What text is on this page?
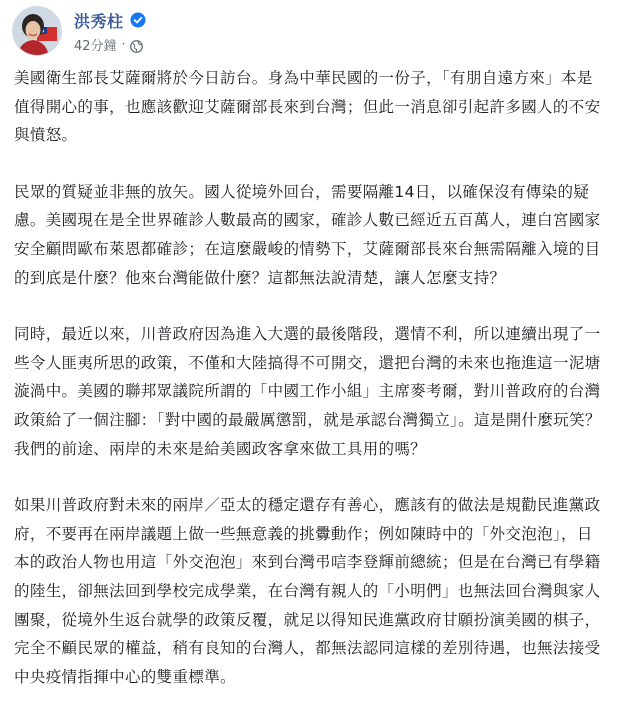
洪秀柱
42分鐘 ·

美國衛生部長艾薩爾將於今日訪台。身為中華民國的一份子，「有朋自遠方來」本是值得開心的事，也應該歡迎艾薩爾部長來到台灣；但此一消息卻引起許多國人的不安與憤怒。

民眾的質疑並非無的放矢。國人從境外回台，需要隔離14日，以確保沒有傳染的疑慮。美國現在是全世界確診人數最高的國家，確診人數已經近五百萬人，連白宮國家安全顧問歐布萊恩都確診；在這麼嚴峻的情勢下，艾薩爾部長來台無需隔離入境的目的到底是什麼？他來台灣能做什麼？這都無法說清楚，讓人怎麼支持？

同時，最近以來，川普政府因為進入大選的最後階段，選情不利，所以連續出現了一些令人匪夷所思的政策，不僅和大陸搞得不可開交，還把台灣的未來也拖進這一泥塘漩渦中。美國的聯邦眾議院所謂的「中國工作小組」主席麥考爾，對川普政府的台灣政策給了一個注腳：「對中國的最嚴厲懲罰，就是承認台灣獨立」。這是開什麼玩笑？我們的前途、兩岸的未來是給美國政客拿來做工具用的嗎？

如果川普政府對未來的兩岸／亞太的穩定還存有善心，應該有的做法是規勸民進黨政府，不要再在兩岸議題上做一些無意義的挑釁動作；例如陳時中的「外交泡泡」，日本的政治人物也用這「外交泡泡」來到台灣弔唁李登輝前總統；但是在台灣已有學籍的陸生，卻無法回到學校完成學業，在台灣有親人的「小明們」也無法回台灣與家人團聚，從境外生返台就學的政策反覆，就足以得知民進黨政府甘願扮演美國的棋子，完全不顧民眾的權益，稍有良知的台灣人，都無法認同這樣的差別待遇，也無法接受中央疫情指揮中心的雙重標準。
